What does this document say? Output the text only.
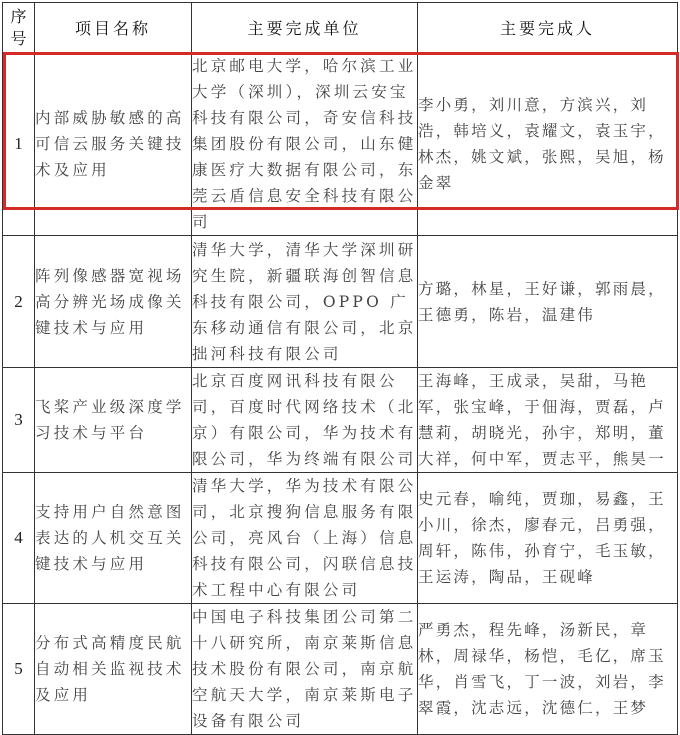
序号	项目名称	主要完成单位	主要完成人
1	内部威胁敏感的高可信云服务关键技术及应用	北京邮电大学，哈尔滨工业大学（深圳），深圳云安宝科技有限公司，奇安信科技集团股份有限公司，山东健康医疗大数据有限公司，东莞云盾信息安全科技有限公司	李小勇，刘川意，方滨兴，刘浩，韩培义，袁耀文，袁玉宇，林杰，姚文斌，张熙，吴旭，杨金翠
2	阵列像感器宽视场高分辨光场成像关键技术与应用	清华大学，清华大学深圳研究生院，新疆联海创智信息科技有限公司，OPPO 广东移动通信有限公司，北京拙河科技有限公司	方璐，林星，王好谦，郭雨晨，王德勇，陈岩，温建伟
3	飞桨产业级深度学习技术与平台	北京百度网讯科技有限公司，百度时代网络技术（北京）有限公司，华为技术有限公司，华为终端有限公司	王海峰，王成录，吴甜，马艳军，张宝峰，于佃海，贾磊，卢慧莉，胡晓光，孙宇，郑明，董大祥，何中军，贾志平，熊昊一
4	支持用户自然意图表达的人机交互关键技术与应用	清华大学，华为技术有限公司，北京搜狗信息服务有限公司，亮风台（上海）信息科技有限公司，闪联信息技术工程中心有限公司	史元春，喻纯，贾珈，易鑫，王小川，徐杰，廖春元，吕勇强，周轩，陈伟，孙育宁，毛玉敏，王运涛，陶品，王砚峰
5	分布式高精度民航自动相关监视技术及应用	中国电子科技集团公司第二十八研究所，南京莱斯信息技术股份有限公司，南京航空航天大学，南京莱斯电子设备有限公司	严勇杰，程先峰，汤新民，章林，周禄华，杨恺，毛亿，席玉华，肖雪飞，丁一波，刘岩，李翠霞，沈志远，沈德仁，王梦
